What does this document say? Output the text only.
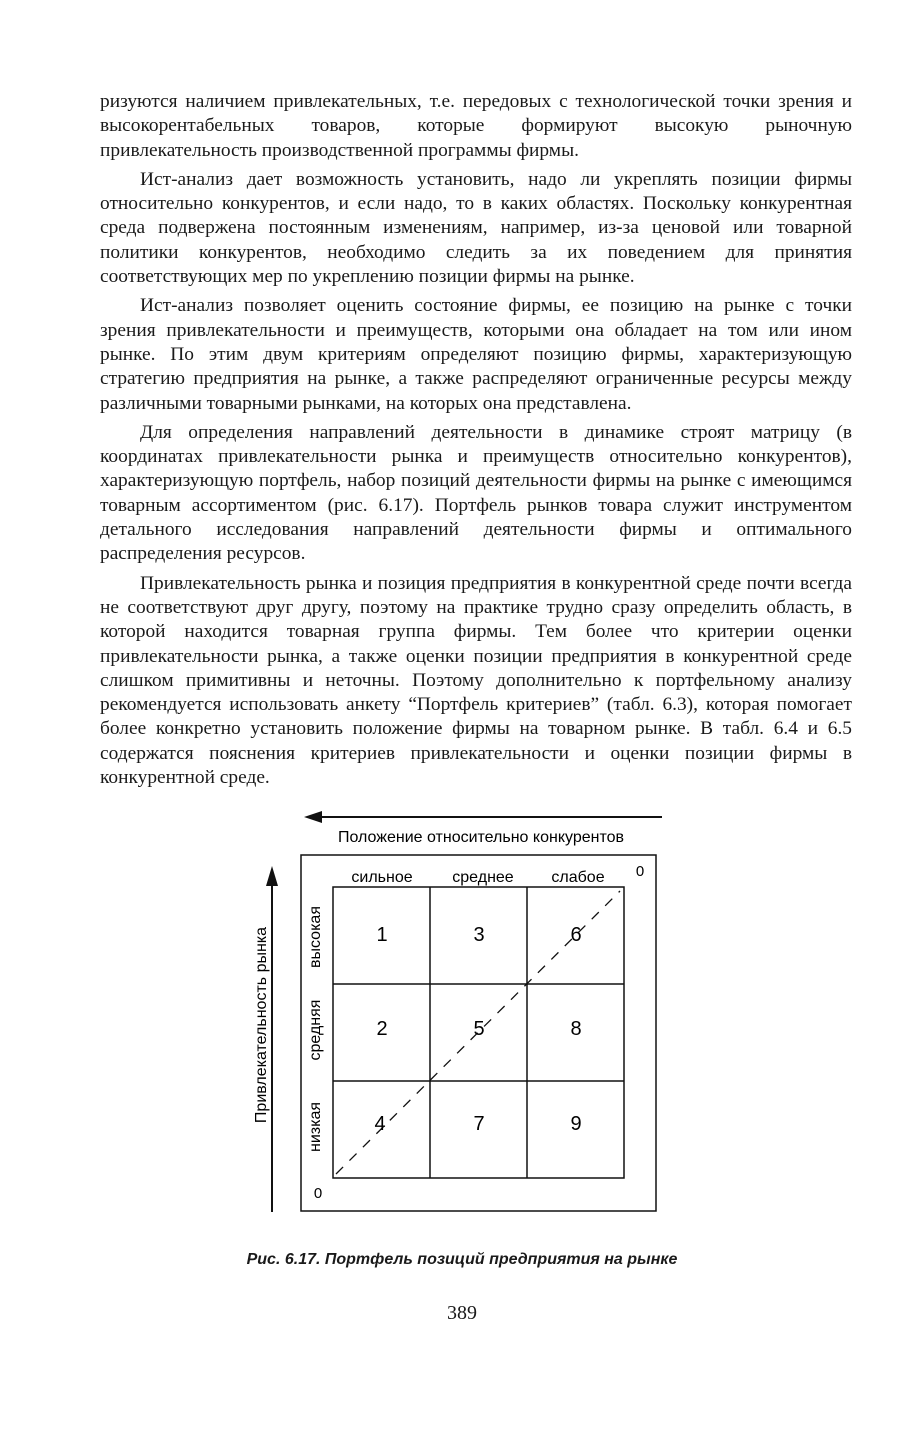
ризуются наличием привлекательных, т.е. передовых с технологической точки зрения и высокорентабельных товаров, которые формируют высокую рыночную привлекательность производственной программы фирмы.

Ист-анализ дает возможность установить, надо ли укреплять позиции фирмы относительно конкурентов, и если надо, то в каких областях. Поскольку конкурентная среда подвержена постоянным изменениям, например, из-за ценовой или товарной политики конкурентов, необходимо следить за их поведением для принятия соответствующих мер по укреплению позиции фирмы на рынке.

Ист-анализ позволяет оценить состояние фирмы, ее позицию на рынке с точки зрения привлекательности и преимуществ, которыми она обладает на том или ином рынке. По этим двум критериям определяют позицию фирмы, характеризующую стратегию предприятия на рынке, а также распределяют ограниченные ресурсы между различными товарными рынками, на которых она представлена.

Для определения направлений деятельности в динамике строят матрицу (в координатах привлекательности рынка и преимуществ относительно конкурентов), характеризующую портфель, набор позиций деятельности фирмы на рынке с имеющимся товарным ассортиментом (рис. 6.17). Портфель рынков товара служит инструментом детального исследования направлений деятельности фирмы и оптимального распределения ресурсов.

Привлекательность рынка и позиция предприятия в конкурентной среде почти всегда не соответствуют друг другу, поэтому на практике трудно сразу определить область, в которой находится товарная группа фирмы. Тем более что критерии оценки привлекательности рынка, а также оценки позиции предприятия в конкурентной среде слишком примитивны и неточны. Поэтому дополнительно к портфельному анализу рекомендуется использовать анкету “Портфель критериев” (табл. 6.3), которая помогает более конкретно установить положение фирмы на товарном рынке. В табл. 6.4 и 6.5 содержатся пояснения критериев привлекательности и оценки позиции фирмы в конкурентной среде.

Положение относительно конкурентов
Привлекательность рынка
сильное среднее слабое 0
высокая
средняя
низкая
0
1	3	6
2	5	8
4	7	9
Рис. 6.17. Портфель позиций предприятия на рынке
389
